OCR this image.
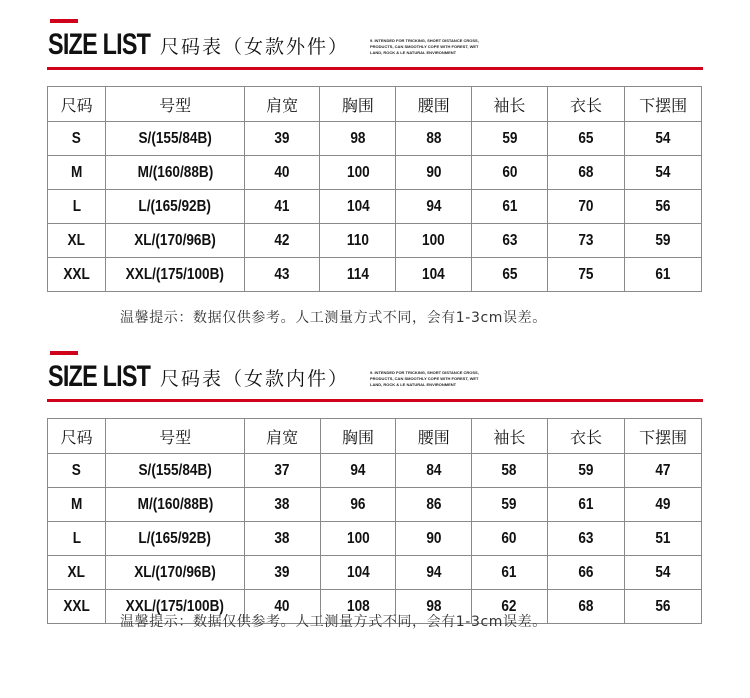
SIZE LIST 尺码表（女款外件）	9. INTENDED FOR TRICKING, SHORT DISTANCE CROSS, PRODUCTS, CAN SMOOTHLY COPE WITH FOREST, WET LAND, ROCK & LE NATURAL ENVIRONMENT
尺码	号型	肩宽	胸围	腰围	袖长	衣长	下摆围
S	S/(155/84B)	39	98	88	59	65	54
M	M/(160/88B)	40	100	90	60	68	54
L	L/(165/92B)	41	104	94	61	70	56
XL	XL/(170/96B)	42	110	100	63	73	59
XXL	XXL/(175/100B)	43	114	104	65	75	61
温馨提示：数据仅供参考。人工测量方式不同，会有1-3cm误差。
SIZE LIST 尺码表（女款内件）	9. INTENDED FOR TRICKING, SHORT DISTANCE CROSS, PRODUCTS, CAN SMOOTHLY COPE WITH FOREST, WET LAND, ROCK & LE NATURAL ENVIRONMENT
尺码	号型	肩宽	胸围	腰围	袖长	衣长	下摆围
S	S/(155/84B)	37	94	84	58	59	47
M	M/(160/88B)	38	96	86	59	61	49
L	L/(165/92B)	38	100	90	60	63	51
XL	XL/(170/96B)	39	104	94	61	66	54
XXL	XXL/(175/100B)	40	108	98	62	68	56
温馨提示：数据仅供参考。人工测量方式不同，会有1-3cm误差。
